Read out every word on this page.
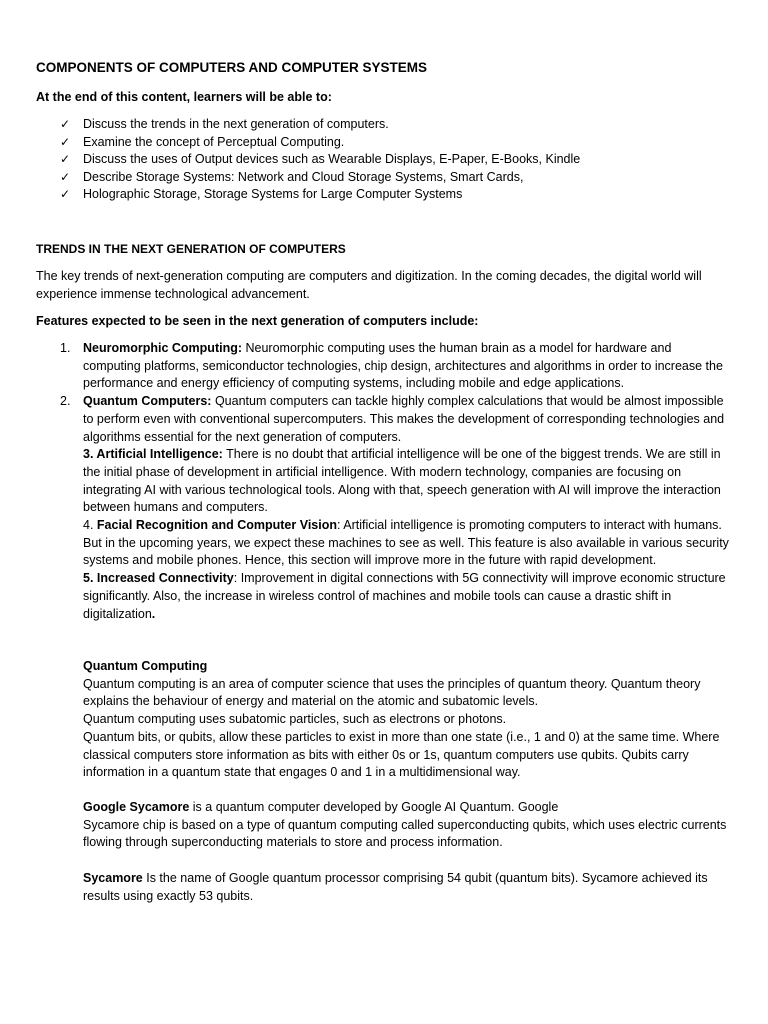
COMPONENTS OF COMPUTERS AND COMPUTER SYSTEMS
At the end of this content, learners will be able to:
✓ Discuss the trends in the next generation of computers.
✓ Examine the concept of Perceptual Computing.
✓ Discuss the uses of Output devices such as Wearable Displays, E-Paper, E-Books, Kindle
✓ Describe Storage Systems: Network and Cloud Storage Systems, Smart Cards,
✓ Holographic Storage, Storage Systems for Large Computer Systems
TRENDS IN THE NEXT GENERATION OF COMPUTERS
The key trends of next-generation computing are computers and digitization. In the coming decades, the digital world will experience immense technological advancement.
Features expected to be seen in the next generation of computers include:
1. Neuromorphic Computing: Neuromorphic computing uses the human brain as a model for hardware and computing platforms, semiconductor technologies, chip design, architectures and algorithms in order to increase the performance and energy efficiency of computing systems, including mobile and edge applications.
2. Quantum Computers: Quantum computers can tackle highly complex calculations that would be almost impossible to perform even with conventional supercomputers. This makes the development of corresponding technologies and algorithms essential for the next generation of computers.
3. Artificial Intelligence: There is no doubt that artificial intelligence will be one of the biggest trends. We are still in the initial phase of development in artificial intelligence. With modern technology, companies are focusing on integrating AI with various technological tools. Along with that, speech generation with AI will improve the interaction between humans and computers.
4. Facial Recognition and Computer Vision: Artificial intelligence is promoting computers to interact with humans. But in the upcoming years, we expect these machines to see as well. This feature is also available in various security systems and mobile phones. Hence, this section will improve more in the future with rapid development.
5. Increased Connectivity: Improvement in digital connections with 5G connectivity will improve economic structure significantly. Also, the increase in wireless control of machines and mobile tools can cause a drastic shift in digitalization.
Quantum Computing
Quantum computing is an area of computer science that uses the principles of quantum theory. Quantum theory explains the behaviour of energy and material on the atomic and subatomic levels.
Quantum computing uses subatomic particles, such as electrons or photons.
Quantum bits, or qubits, allow these particles to exist in more than one state (i.e., 1 and 0) at the same time. Where classical computers store information as bits with either 0s or 1s, quantum computers use qubits. Qubits carry information in a quantum state that engages 0 and 1 in a multidimensional way.
Google Sycamore is a quantum computer developed by Google AI Quantum. Google
Sycamore chip is based on a type of quantum computing called superconducting qubits, which uses electric currents flowing through superconducting materials to store and process information.
Sycamore Is the name of Google quantum processor comprising 54 qubit (quantum bits). Sycamore achieved its results using exactly 53 qubits.
